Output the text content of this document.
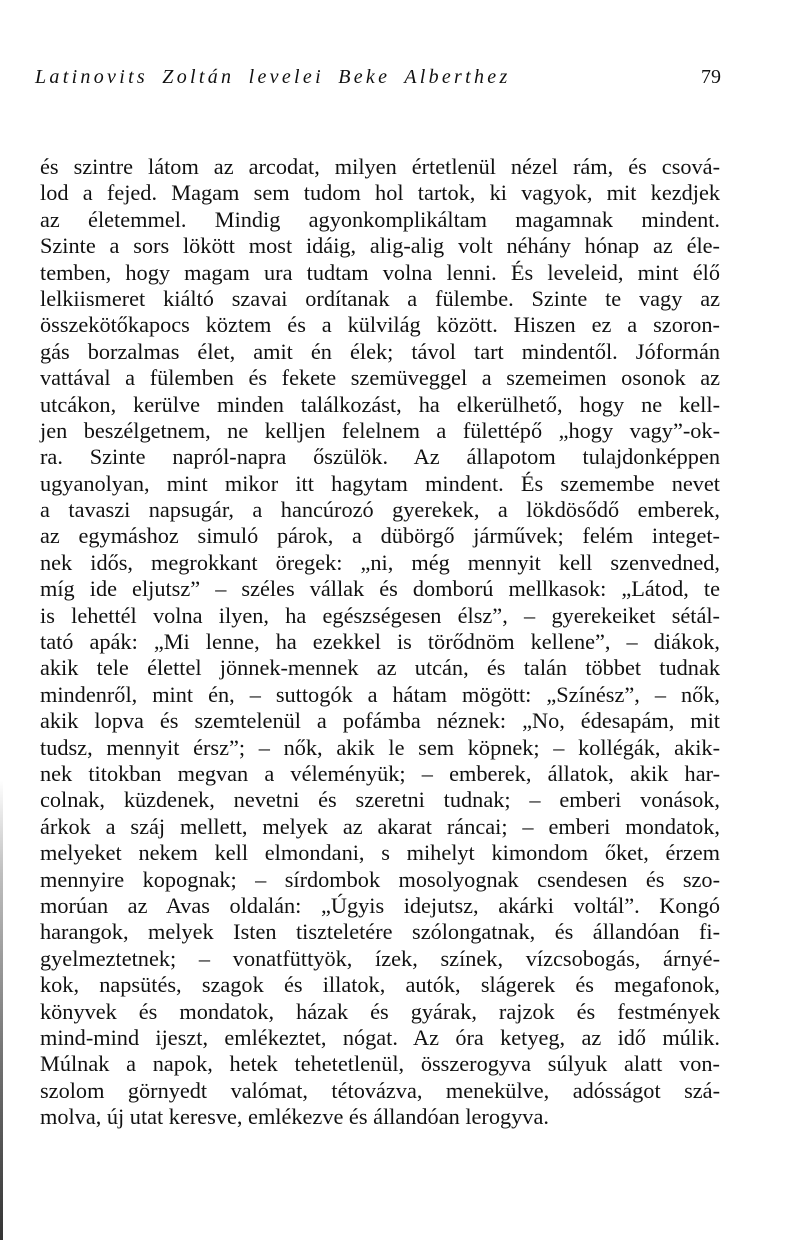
Latinovits Zoltán levelei Beke Alberthez	79
és szintre látom az arcodat, milyen értetlenül nézel rám, és csová-
lod a fejed. Magam sem tudom hol tartok, ki vagyok, mit kezdjek
az életemmel. Mindig agyonkomplikáltam magamnak mindent.
Szinte a sors lökött most idáig, alig-alig volt néhány hónap az éle-
temben, hogy magam ura tudtam volna lenni. És leveleid, mint élő
lelkiismeret kiáltó szavai ordítanak a fülembe. Szinte te vagy az
összekötőkapocs köztem és a külvilág között. Hiszen ez a szoron-
gás borzalmas élet, amit én élek; távol tart mindentől. Jóformán
vattával a fülemben és fekete szemüveggel a szemeimen osonok az
utcákon, kerülve minden találkozást, ha elkerülhető, hogy ne kell-
jen beszélgetnem, ne kelljen felelnem a fülettépő „hogy vagy”-ok-
ra. Szinte napról-napra őszülök. Az állapotom tulajdonképpen
ugyanolyan, mint mikor itt hagytam mindent. És szemembe nevet
a tavaszi napsugár, a hancúrozó gyerekek, a lökdösődő emberek,
az egymáshoz simuló párok, a dübörgő járművek; felém integet-
nek idős, megrokkant öregek: „ni, még mennyit kell szenvedned,
míg ide eljutsz” – széles vállak és domború mellkasok: „Látod, te
is lehettél volna ilyen, ha egészségesen élsz”, – gyerekeiket sétál-
tató apák: „Mi lenne, ha ezekkel is törődnöm kellene”, – diákok,
akik tele élettel jönnek-mennek az utcán, és talán többet tudnak
mindenről, mint én, – suttogók a hátam mögött: „Színész”, – nők,
akik lopva és szemtelenül a pofámba néznek: „No, édesapám, mit
tudsz, mennyit érsz”; – nők, akik le sem köpnek; – kollégák, akik-
nek titokban megvan a véleményük; – emberek, állatok, akik har-
colnak, küzdenek, nevetni és szeretni tudnak; – emberi vonások,
árkok a száj mellett, melyek az akarat ráncai; – emberi mondatok,
melyeket nekem kell elmondani, s mihelyt kimondom őket, érzem
mennyire kopognak; – sírdombok mosolyognak csendesen és szo-
morúan az Avas oldalán: „Úgyis idejutsz, akárki voltál”. Kongó
harangok, melyek Isten tiszteletére szólongatnak, és állandóan fi-
gyelmeztetnek; – vonatfüttyök, ízek, színek, vízcsobogás, árnyé-
kok, napsütés, szagok és illatok, autók, slágerek és megafonok,
könyvek és mondatok, házak és gyárak, rajzok és festmények
mind-mind ijeszt, emlékeztet, nógat. Az óra ketyeg, az idő múlik.
Múlnak a napok, hetek tehetetlenül, összerogyva súlyuk alatt von-
szolom görnyedt valómat, tétovázva, menekülve, adósságot szá-
molva, új utat keresve, emlékezve és állandóan lerogyva.
